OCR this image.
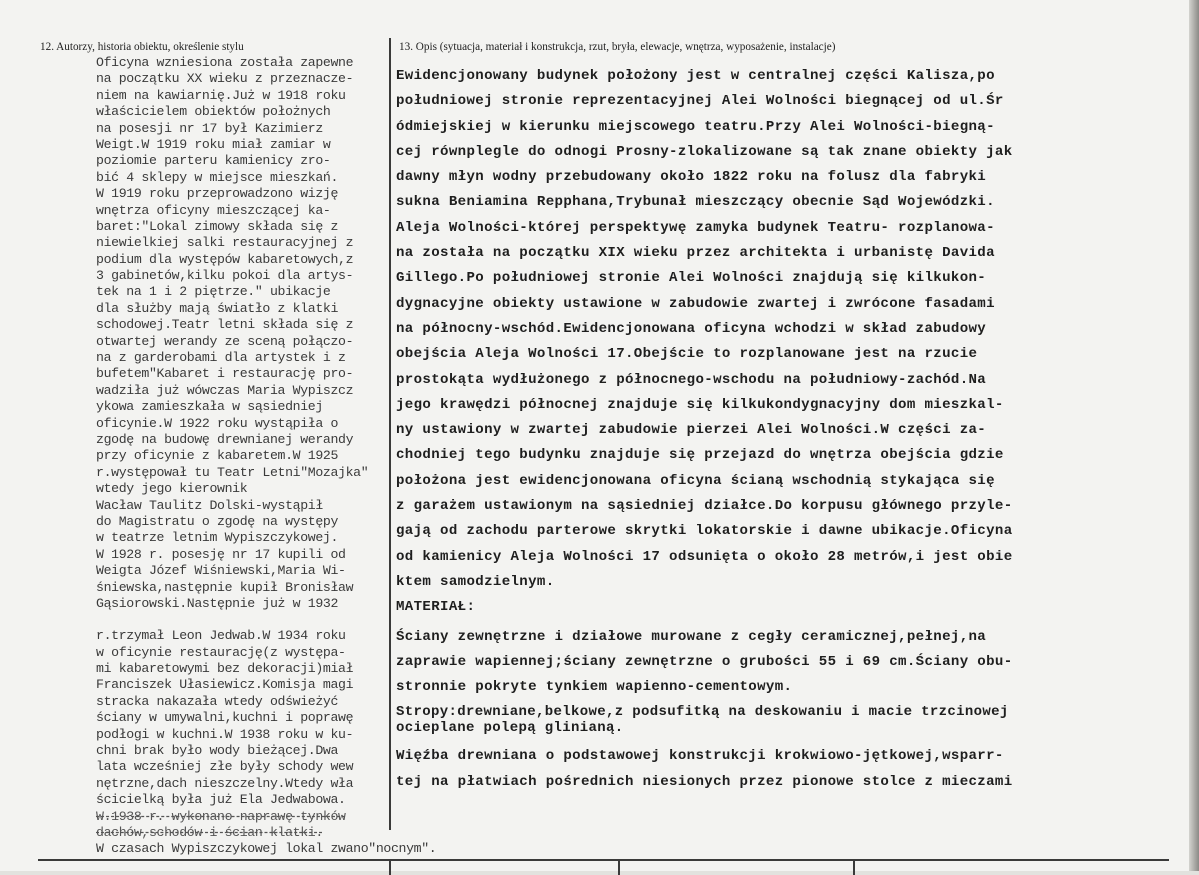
12. Autorzy, historia obiektu, określenie stylu	13. Opis (sytuacja, materiał i konstrukcja, rzut, bryła, elewacje, wnętrza, wyposażenie, instalacje)
Oficyna wzniesiona została zapewne
na początku XX wieku z przeznacze-
niem na kawiarnię.Już w 1918 roku
właścicielem obiektów położnych
na posesji nr 17 był Kazimierz
Weigt.W 1919 roku miał zamiar w
poziomie parteru kamienicy zro-
bić 4 sklepy w miejsce mieszkań.
W 1919 roku przeprowadzono wizję
wnętrza oficyny mieszczącej ka-
baret:"Lokal zimowy składa się z
niewielkiej salki restauracyjnej z
podium dla występów kabaretowych,z
3 gabinetów,kilku pokoi dla artys-
tek na 1 i 2 piętrze." ubikacje
dla służby mają światło z klatki
schodowej.Teatr letni składa się z
otwartej werandy ze sceną połączo-
na z garderobami dla artystek i z
bufetem"Kabaret i restaurację pro-
wadziła już wówczas Maria Wypiszcz
ykowa zamieszkała w sąsiedniej
oficynie.W 1922 roku wystąpiła o
zgodę na budowę drewnianej werandy
przy oficynie z kabaretem.W 1925
r.występował tu Teatr Letni"Mozajka"
wtedy jego kierownik
Wacław Taulitz Dolski-wystąpił
do Magistratu o zgodę na występy
w teatrze letnim Wypiszczykowej.
W 1928 r. posesję nr 17 kupili od
Weigta Józef Wiśniewski,Maria Wi-
śniewska,następnie kupił Bronisław
Gąsiorowski.Następnie już w 1932
r.trzymał Leon Jedwab.W 1934 roku
w oficynie restaurację(z występa-
mi kabaretowymi bez dekoracji)miał
Franciszek Ułasiewicz.Komisja magi
stracka nakazała wtedy odświeżyć
ściany w umywalni,kuchni i poprawę
podłogi w kuchni.W 1938 roku w ku-
chni brak było wody bieżącej.Dwa
lata wcześniej złe były schody wew
nętrzne,dach nieszczelny.Wtedy wła
ścicielką była już Ela Jedwabowa.
W.1938 r. wykonano naprawę tynków
dachów,schodów i ścian klatki.
W czasach Wypiszczykowej lokal zwano"nocnym".
Ewidencjonowany budynek położony jest w centralnej części Kalisza,po
południowej stronie reprezentacyjnej Alei Wolności biegnącej od ul.Śr
ódmiejskiej w kierunku miejscowego teatru.Przy Alei Wolności-biegną-
cej równplegle do odnogi Prosny-zlokalizowane są tak znane obiekty jak
dawny młyn wodny przebudowany około 1822 roku na folusz dla fabryki
sukna Beniamina Repphana,Trybunał mieszczący obecnie Sąd Wojewódzki.
Aleja Wolności-której perspektywę zamyka budynek Teatru- rozplanowa-
na została na początku XIX wieku przez architekta i urbanistę Davida
Gillego.Po południowej stronie Alei Wolności znajdują się kilkukon-
dygnacyjne obiekty ustawione w zabudowie zwartej i zwrócone fasadami
na północny-wschód.Ewidencjonowana oficyna wchodzi w skład zabudowy
obejścia Aleja Wolności 17.Obejście to rozplanowane jest na rzucie
prostokąta wydłużonego z północnego-wschodu na południowy-zachód.Na
jego krawędzi północnej znajduje się kilkukondygnacyjny dom mieszkal-
ny ustawiony w zwartej zabudowie pierzei Alei Wolności.W części za-
chodniej tego budynku znajduje się przejazd do wnętrza obejścia gdzie
położona jest ewidencjonowana oficyna ścianą wschodnią stykająca się
z garażem ustawionym na sąsiedniej działce.Do korpusu głównego przyle-
gają od zachodu parterowe skrytki lokatorskie i dawne ubikacje.Oficyna
od kamienicy Aleja Wolności 17 odsunięta o około 28 metrów,i jest obie
ktem samodzielnym.
MATERIAŁ:
Ściany zewnętrzne i działowe murowane z cegły ceramicznej,pełnej,na
zaprawie wapiennej;ściany zewnętrzne o grubości 55 i 69 cm.Ściany obu-
stronnie pokryte tynkiem wapienno-cementowym.
Stropy:drewniane,belkowe,z podsufitką na deskowaniu i macie trzcinowej
ocieplane polepą glinianą.
Więźba drewniana o podstawowej konstrukcji krokwiowo-jętkowej,wsparr-
tej na płatwiach pośrednich niesionych przez pionowe stolce z mieczami
